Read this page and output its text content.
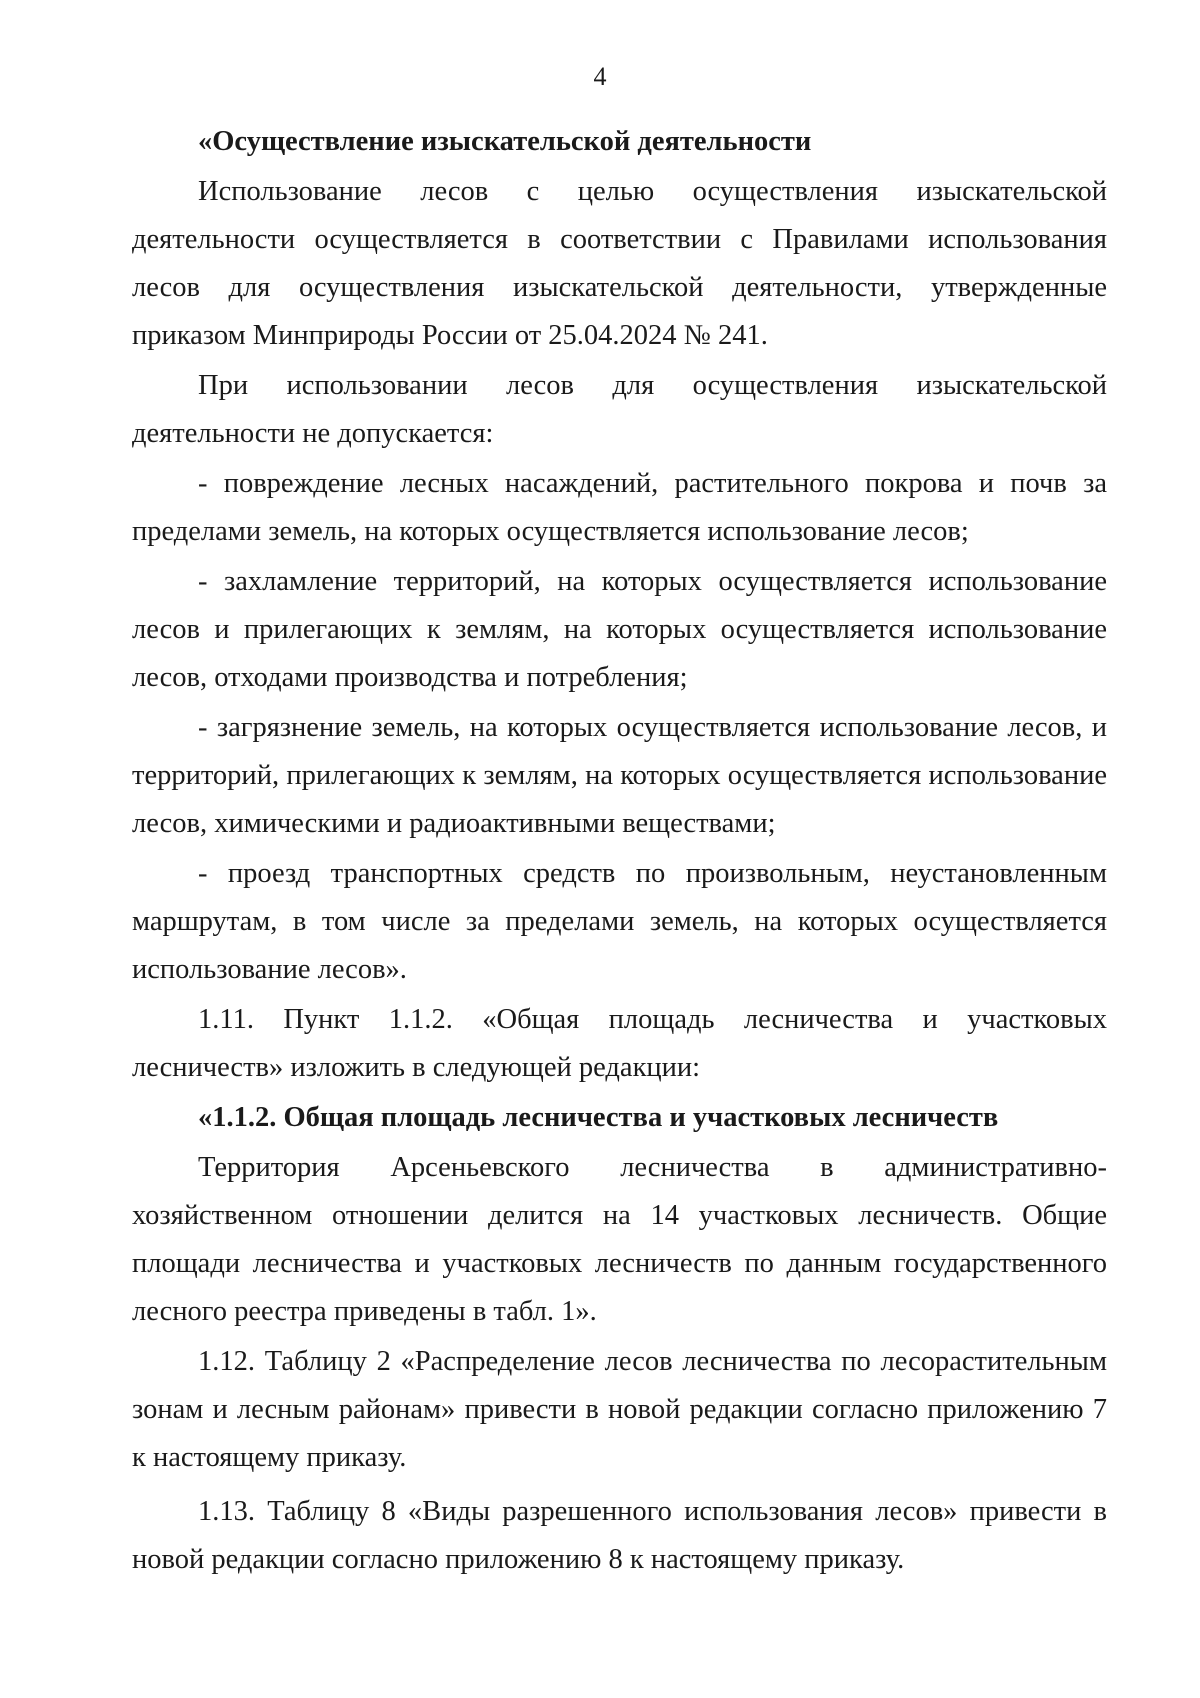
4

«Осуществление изыскательской деятельности

Использование лесов с целью осуществления изыскательской деятельности осуществляется в соответствии с Правилами использования лесов для осуществления изыскательской деятельности, утвержденные приказом Минприроды России от 25.04.2024 № 241.

При использовании лесов для осуществления изыскательской деятельности не допускается:

- повреждение лесных насаждений, растительного покрова и почв за пределами земель, на которых осуществляется использование лесов;

- захламление территорий, на которых осуществляется использование лесов и прилегающих к землям, на которых осуществляется использование лесов, отходами производства и потребления;

- загрязнение земель, на которых осуществляется использование лесов, и территорий, прилегающих к землям, на которых осуществляется использование лесов, химическими и радиоактивными веществами;

- проезд транспортных средств по произвольным, неустановленным маршрутам, в том числе за пределами земель, на которых осуществляется использование лесов».

1.11. Пункт 1.1.2. «Общая площадь лесничества и участковых лесничеств» изложить в следующей редакции:

«1.1.2. Общая площадь лесничества и участковых лесничеств

Территория Арсеньевского лесничества в административно-хозяйственном отношении делится на 14 участковых лесничеств. Общие площади лесничества и участковых лесничеств по данным государственного лесного реестра приведены в табл. 1».

1.12. Таблицу 2 «Распределение лесов лесничества по лесорастительным зонам и лесным районам» привести в новой редакции согласно приложению 7 к настоящему приказу.

1.13. Таблицу 8 «Виды разрешенного использования лесов» привести в новой редакции согласно приложению 8 к настоящему приказу.
